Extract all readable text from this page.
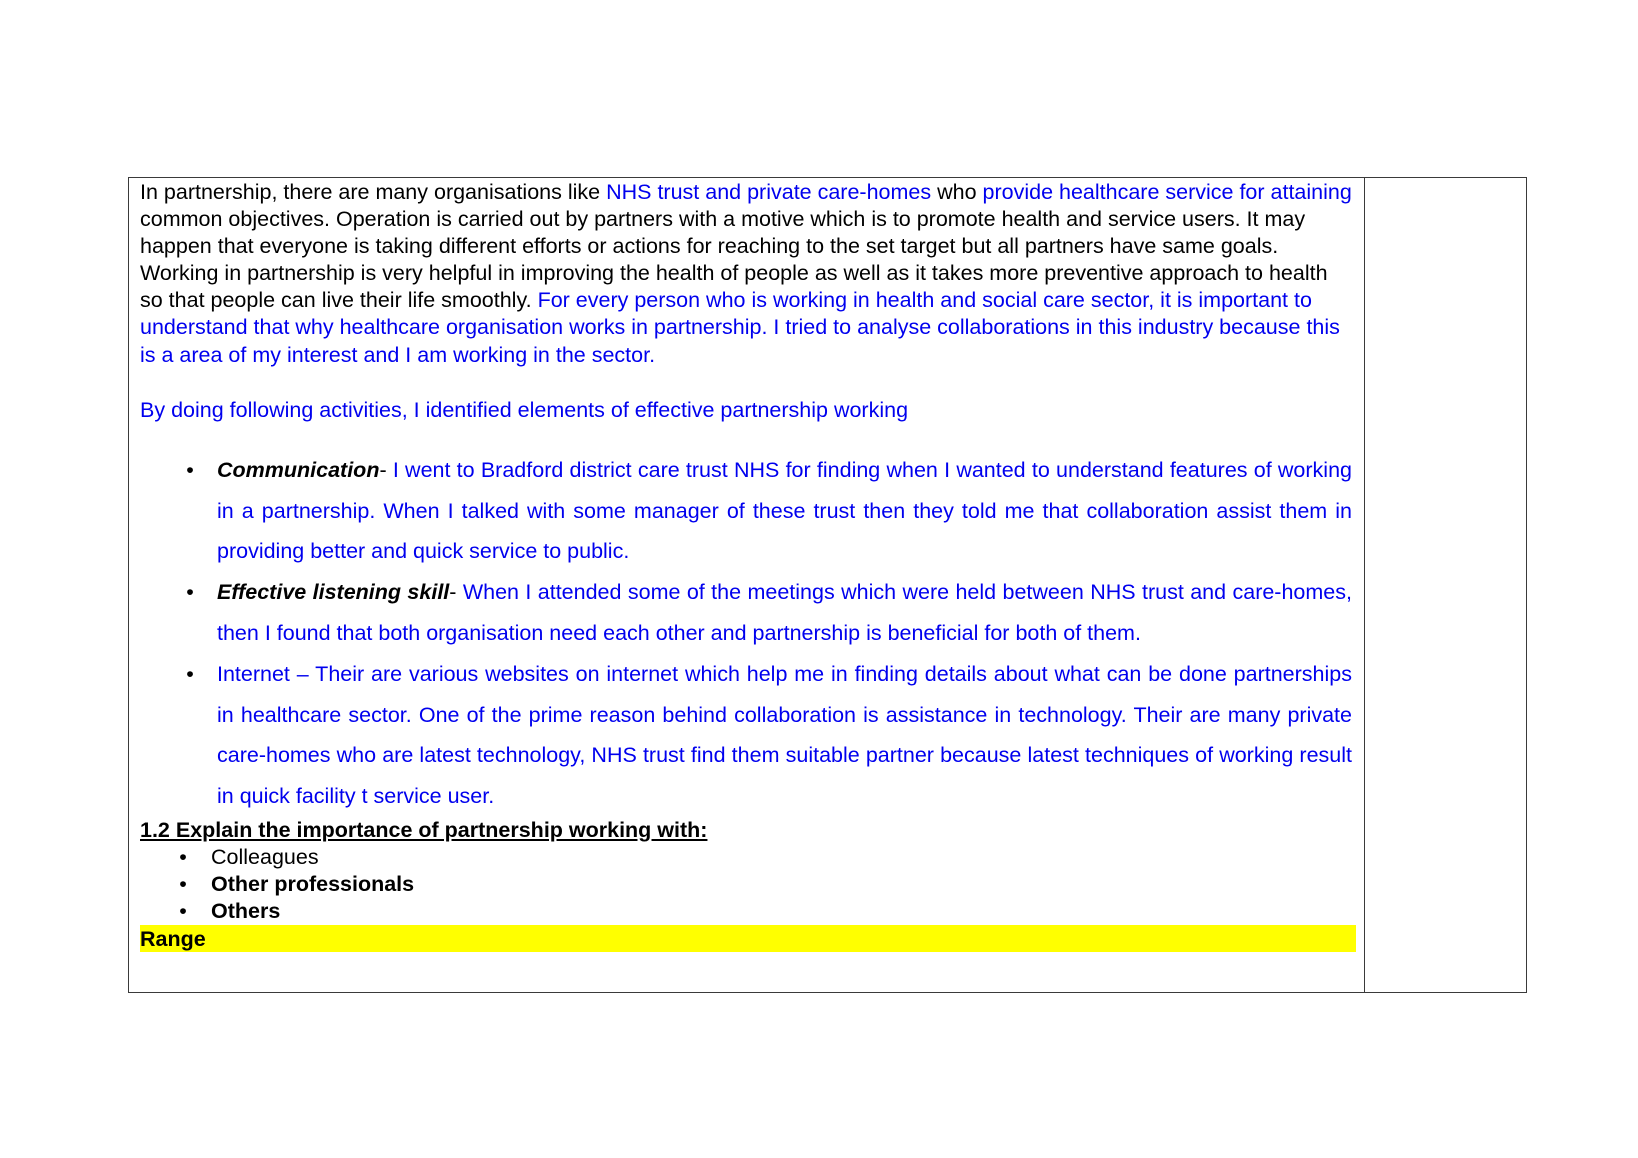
In partnership, there are many organisations like NHS trust and private care-homes who provide healthcare service for attaining common objectives. Operation is carried out by partners with a motive which is to promote health and service users. It may happen that everyone is taking different efforts or actions for reaching to the set target but all partners have same goals. Working in partnership is very helpful in improving the health of people as well as it takes more preventive approach to health so that people can live their life smoothly. For every person who is working in health and social care sector, it is important to understand that why healthcare organisation works in partnership. I tried to analyse collaborations in this industry because this is a area of my interest and I am working in the sector.

By doing following activities, I identified elements of effective partnership working

• Communication- I went to Bradford district care trust NHS for finding when I wanted to understand features of working in a partnership. When I talked with some manager of these trust then they told me that collaboration assist them in providing better and quick service to public.
• Effective listening skill- When I attended some of the meetings which were held between NHS trust and care-homes, then I found that both organisation need each other and partnership is beneficial for both of them.
• Internet – Their are various websites on internet which help me in finding details about what can be done partnerships in healthcare sector. One of the prime reason behind collaboration is assistance in technology. Their are many private care-homes who are latest technology, NHS trust find them suitable partner because latest techniques of working result in quick facility t service user.

1.2 Explain the importance of partnership working with:

• Colleagues
• Other professionals
• Others
Range
